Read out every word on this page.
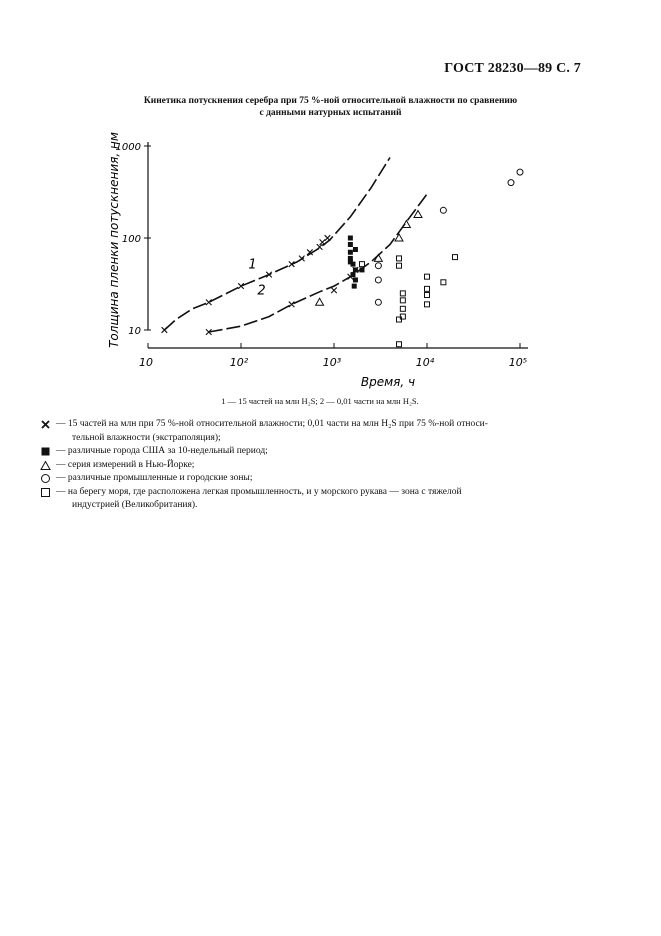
ГОСТ 28230—89 С. 7
Кинетика потускнения серебра при 75 %-ной относительной влажности по сравнению
с данными натурных испытаний
10
100
1000
10	10²	10³	10⁴	10⁵
Время, ч
Толщина пленки потускнения, нм	1
2
1 — 15 частей на млн H₂S; 2 — 0,01 части на млн H₂S.
— 15 частей на млн при 75 %-ной относительной влажности; 0,01 части на млн H₂S при 75 %-ной относи-
тельной влажности (экстраполяция);
— различные города США за 10-недельный период;
— серия измерений в Нью-Йорке;
— различные промышленные и городские зоны;
— на берегу моря, где расположена легкая промышленность, и у морского рукава — зона с тяжелой
индустрией (Великобритания).
